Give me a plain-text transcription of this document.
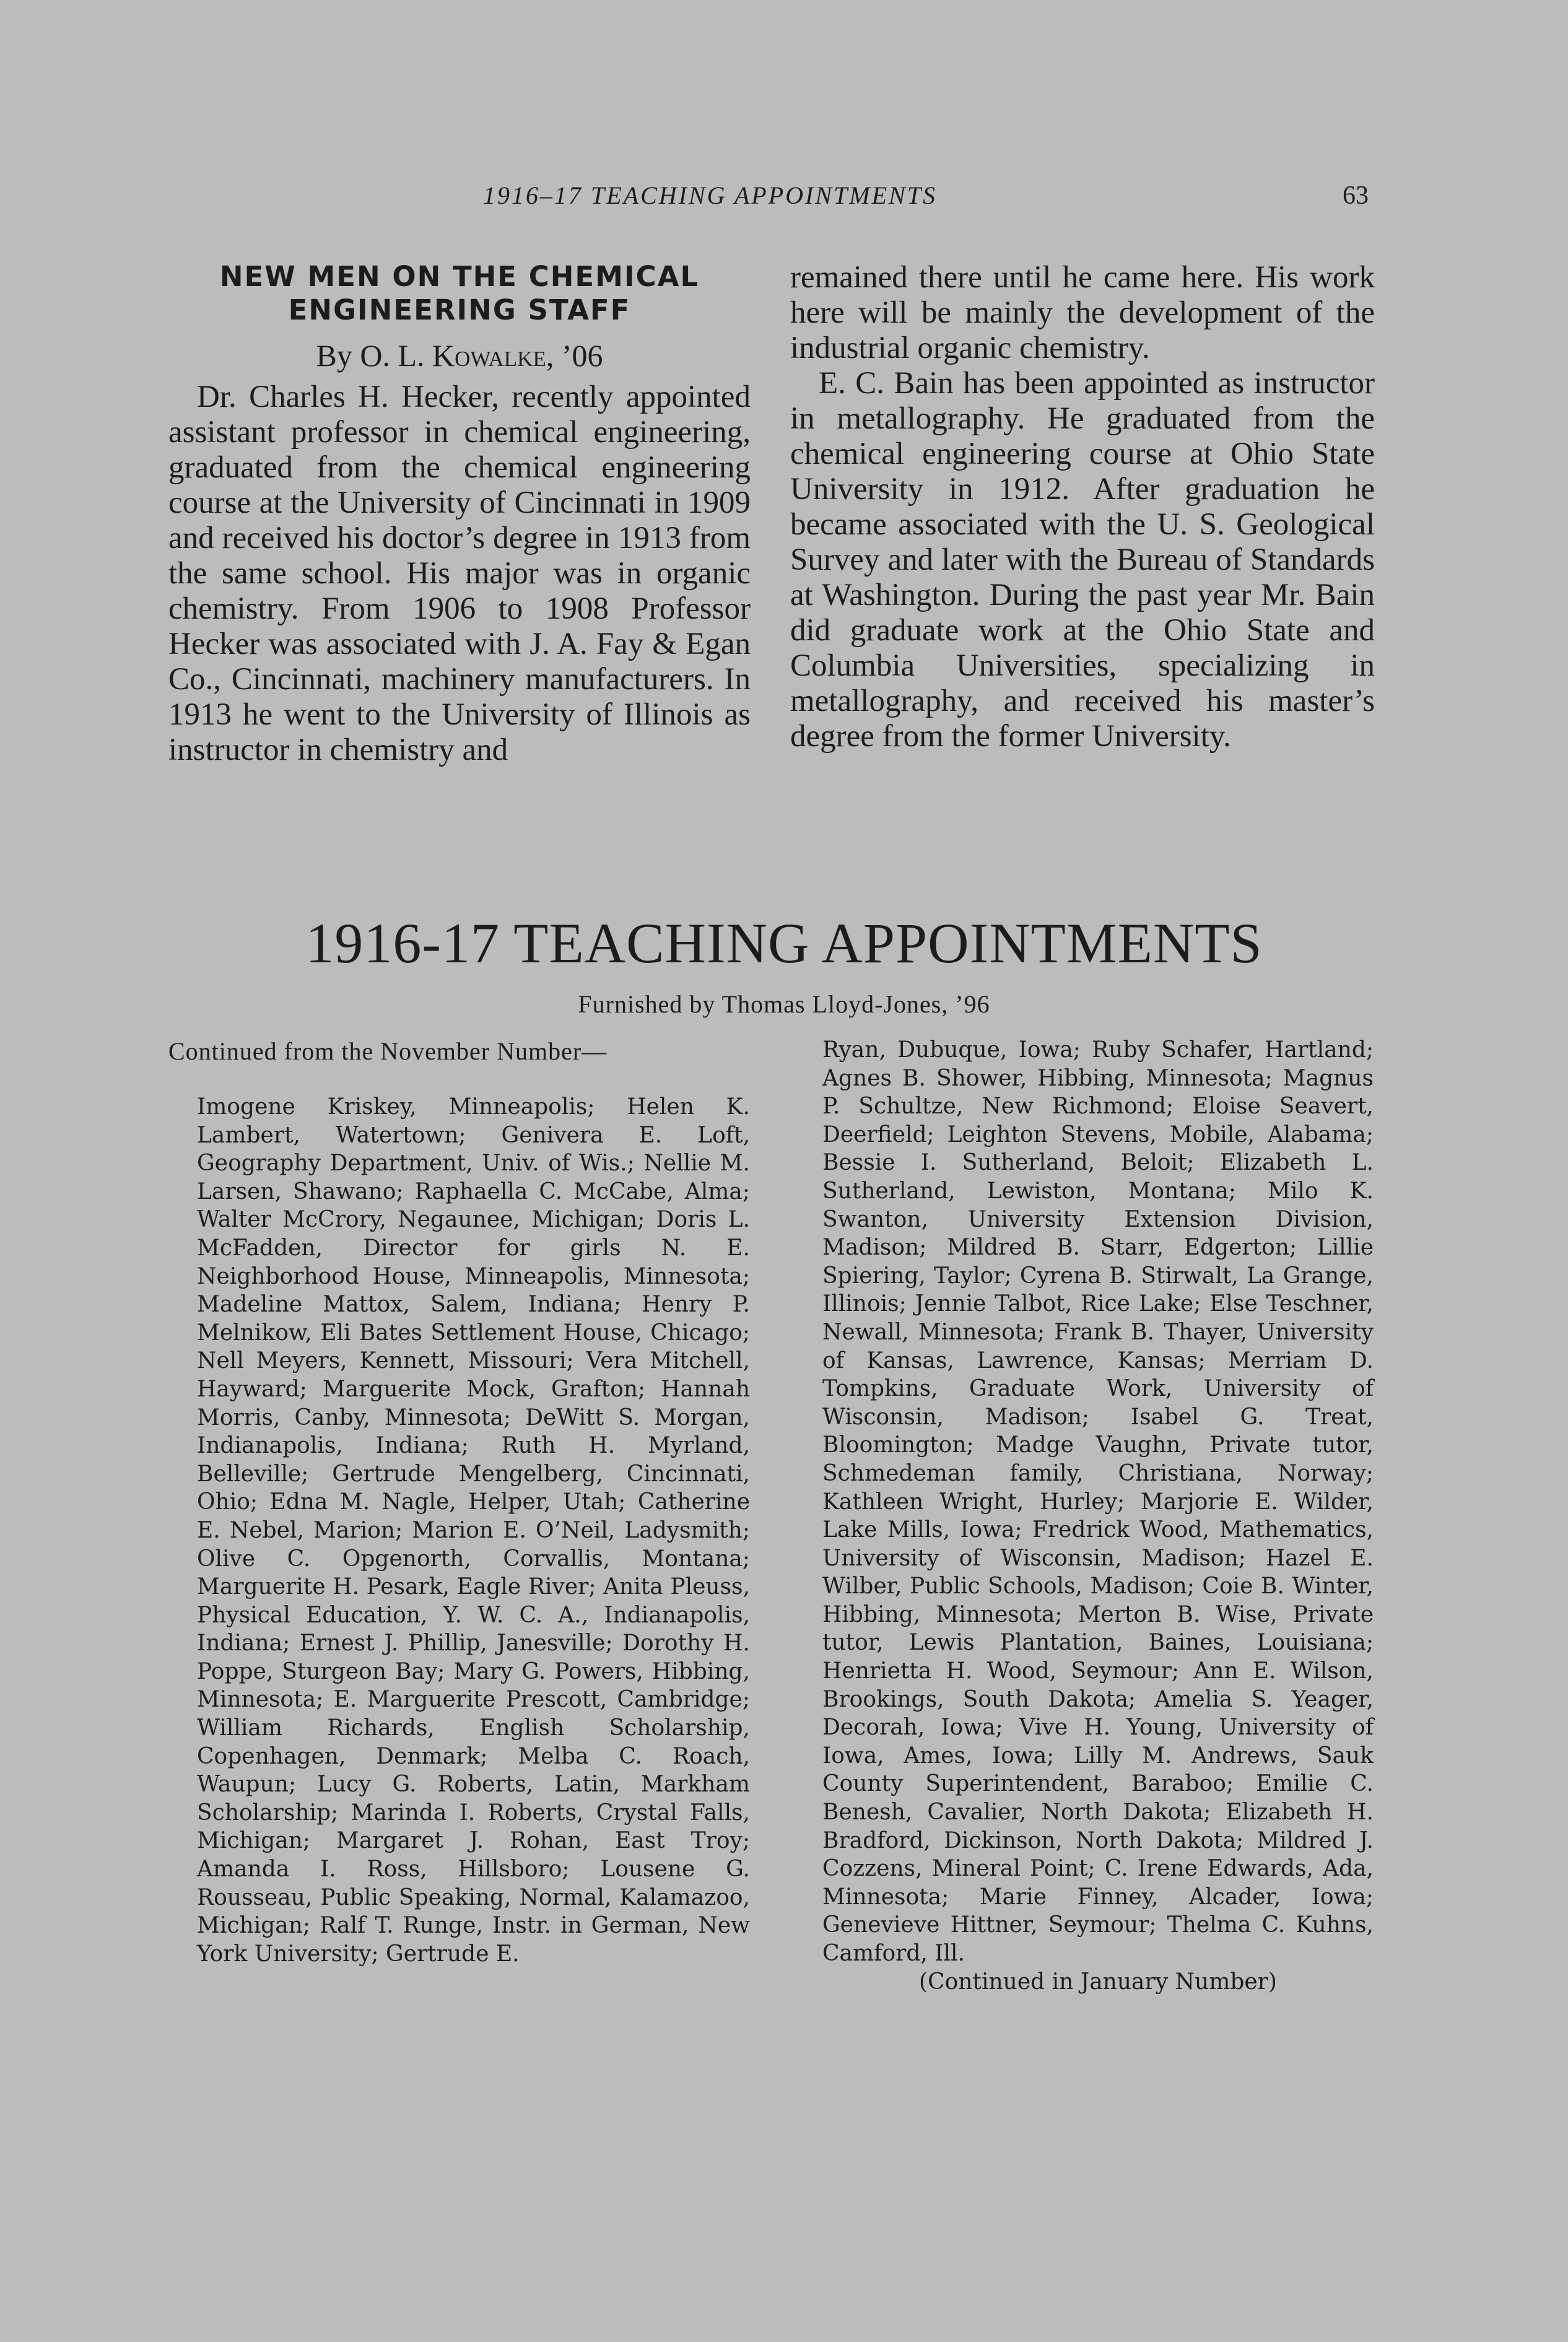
1916–17 TEACHING APPOINTMENTS	63
NEW MEN ON THE CHEMICAL ENGINEERING STAFF
By O. L. Kowalke, ’06

Dr. Charles H. Hecker, recently appointed assistant professor in chemical engineering, graduated from the chemical engineering course at the University of Cincinnati in 1909 and received his doctor’s degree in 1913 from the same school. His major was in organic chemistry. From 1906 to 1908 Professor Hecker was associated with J. A. Fay & Egan Co., Cincinnati, machinery manufacturers. In 1913 he went to the University of Illinois as instructor in chemistry and

remained there until he came here. His work here will be mainly the development of the industrial organic chemistry.

E. C. Bain has been appointed as instructor in metallography. He graduated from the chemical engineering course at Ohio State University in 1912. After graduation he became associated with the U. S. Geological Survey and later with the Bureau of Standards at Washington. During the past year Mr. Bain did graduate work at the Ohio State and Columbia Universities, specializing in metallography, and received his master’s degree from the former University.

1916-17 TEACHING APPOINTMENTS
Furnished by Thomas Lloyd-Jones, ’96
Continued from the November Number—

Imogene Kriskey, Minneapolis; Helen K. Lambert, Watertown; Genivera E. Loft, Geography Department, Univ. of Wis.; Nellie M. Larsen, Shawano; Raphaella C. McCabe, Alma; Walter McCrory, Negaunee, Michigan; Doris L. McFadden, Director for girls N. E. Neighborhood House, Minneapolis, Minnesota; Madeline Mattox, Salem, Indiana; Henry P. Melnikow, Eli Bates Settlement House, Chicago; Nell Meyers, Kennett, Missouri; Vera Mitchell, Hayward; Marguerite Mock, Grafton; Hannah Morris, Canby, Minnesota; DeWitt S. Morgan, Indianapolis, Indiana; Ruth H. Myrland, Belleville; Gertrude Mengelberg, Cincinnati, Ohio; Edna M. Nagle, Helper, Utah; Catherine E. Nebel, Marion; Marion E. O’Neil, Ladysmith; Olive C. Opgenorth, Corvallis, Montana; Marguerite H. Pesark, Eagle River; Anita Pleuss, Physical Education, Y. W. C. A., Indianapolis, Indiana; Ernest J. Phillip, Janesville; Dorothy H. Poppe, Sturgeon Bay; Mary G. Powers, Hibbing, Minnesota; E. Marguerite Prescott, Cambridge; William Richards, English Scholarship, Copenhagen, Denmark; Melba C. Roach, Waupun; Lucy G. Roberts, Latin, Markham Scholarship; Marinda I. Roberts, Crystal Falls, Michigan; Margaret J. Rohan, East Troy; Amanda I. Ross, Hillsboro; Lousene G. Rousseau, Public Speaking, Normal, Kalamazoo, Michigan; Ralf T. Runge, Instr. in German, New York University; Gertrude E.

Ryan, Dubuque, Iowa; Ruby Schafer, Hartland; Agnes B. Shower, Hibbing, Minnesota; Magnus P. Schultze, New Richmond; Eloise Seavert, Deerfield; Leighton Stevens, Mobile, Alabama; Bessie I. Sutherland, Beloit; Elizabeth L. Sutherland, Lewiston, Montana; Milo K. Swanton, University Extension Division, Madison; Mildred B. Starr, Edgerton; Lillie Spiering, Taylor; Cyrena B. Stirwalt, La Grange, Illinois; Jennie Talbot, Rice Lake; Else Teschner, Newall, Minnesota; Frank B. Thayer, University of Kansas, Lawrence, Kansas; Merriam D. Tompkins, Graduate Work, University of Wisconsin, Madison; Isabel G. Treat, Bloomington; Madge Vaughn, Private tutor, Schmedeman family, Christiana, Norway; Kathleen Wright, Hurley; Marjorie E. Wilder, Lake Mills, Iowa; Fredrick Wood, Mathematics, University of Wisconsin, Madison; Hazel E. Wilber, Public Schools, Madison; Coie B. Winter, Hibbing, Minnesota; Merton B. Wise, Private tutor, Lewis Plantation, Baines, Louisiana; Henrietta H. Wood, Seymour; Ann E. Wilson, Brookings, South Dakota; Amelia S. Yeager, Decorah, Iowa; Vive H. Young, University of Iowa, Ames, Iowa; Lilly M. Andrews, Sauk County Superintendent, Baraboo; Emilie C. Benesh, Cavalier, North Dakota; Elizabeth H. Bradford, Dickinson, North Dakota; Mildred J. Cozzens, Mineral Point; C. Irene Edwards, Ada, Minnesota; Marie Finney, Alcader, Iowa; Genevieve Hittner, Seymour; Thelma C. Kuhns, Camford, Ill.

(Continued in January Number)
